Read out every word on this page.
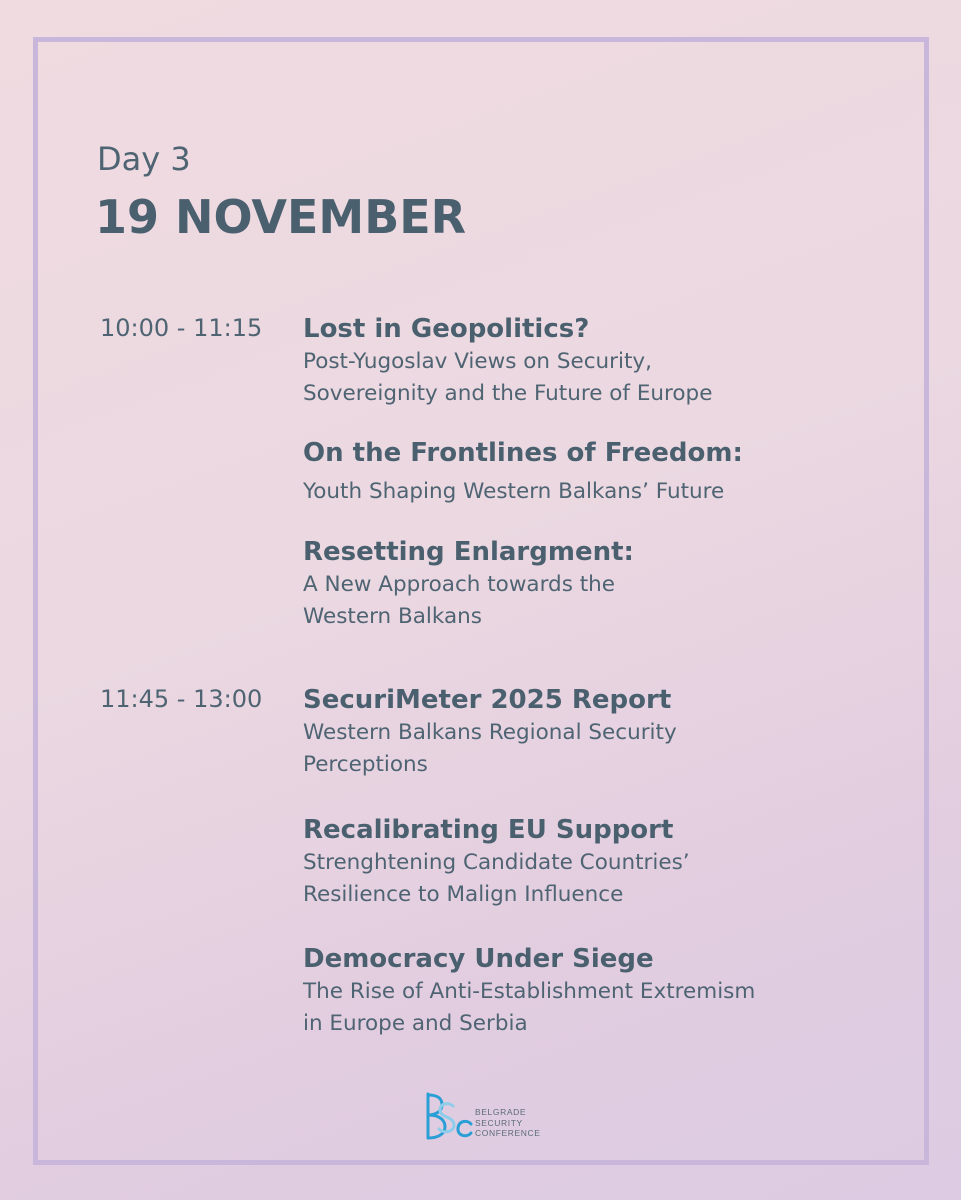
Day 3
19 NOVEMBER
10:00 - 11:15 Lost in Geopolitics?
Post-Yugoslav Views on Security,
Sovereignity and the Future of Europe
On the Frontlines of Freedom:
Youth Shaping Western Balkans’ Future
Resetting Enlargment:
A New Approach towards the
Western Balkans
11:45 - 13:00 SecuriMeter 2025 Report
Western Balkans Regional Security
Perceptions
Recalibrating EU Support
Strenghtening Candidate Countries’
Resilience to Malign Influence
Democracy Under Siege
The Rise of Anti-Establishment Extremism
in Europe and Serbia
BELGRADE
SECURITY
CONFERENCE
